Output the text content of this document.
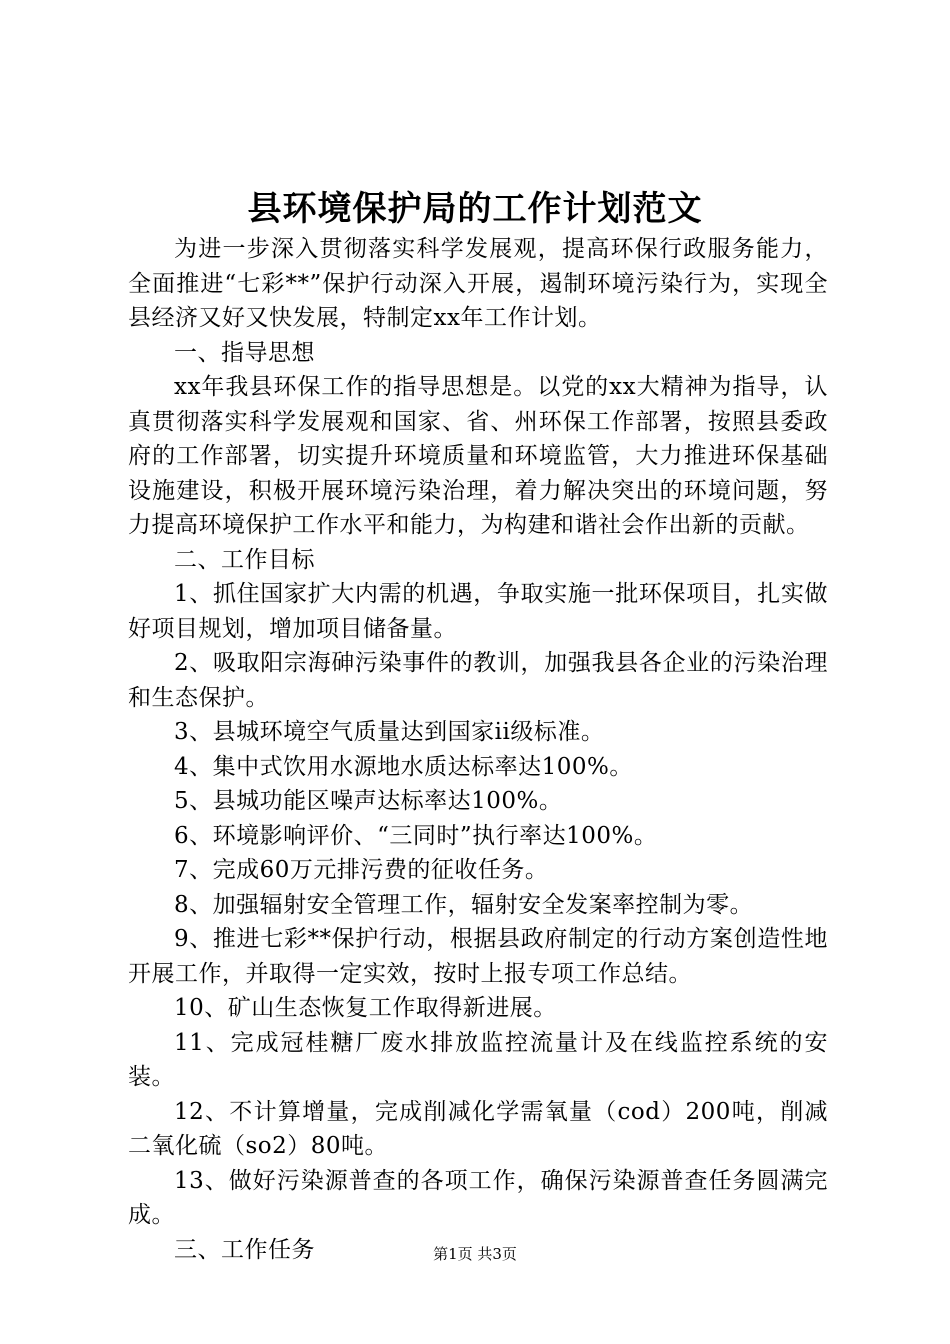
县环境保护局的工作计划范文

为进一步深入贯彻落实科学发展观，提高环保行政服务能力，全面推进“七彩**”保护行动深入开展，遏制环境污染行为，实现全县经济又好又快发展，特制定xx年工作计划。

一、指导思想

xx年我县环保工作的指导思想是。以党的xx大精神为指导，认真贯彻落实科学发展观和国家、省、州环保工作部署，按照县委政府的工作部署，切实提升环境质量和环境监管，大力推进环保基础设施建设，积极开展环境污染治理，着力解决突出的环境问题，努力提高环境保护工作水平和能力，为构建和谐社会作出新的贡献。

二、工作目标

1、抓住国家扩大内需的机遇，争取实施一批环保项目，扎实做好项目规划，增加项目储备量。

2、吸取阳宗海砷污染事件的教训，加强我县各企业的污染治理和生态保护。

3、县城环境空气质量达到国家ii级标准。

4、集中式饮用水源地水质达标率达100%。

5、县城功能区噪声达标率达100%。

6、环境影响评价、“三同时”执行率达100%。

7、完成60万元排污费的征收任务。

8、加强辐射安全管理工作，辐射安全发案率控制为零。

9、推进七彩**保护行动，根据县政府制定的行动方案创造性地开展工作，并取得一定实效，按时上报专项工作总结。

10、矿山生态恢复工作取得新进展。

11、完成冠桂糖厂废水排放监控流量计及在线监控系统的安装。

12、不计算增量，完成削减化学需氧量（cod）200吨，削减二氧化硫（so2）80吨。

13、做好污染源普查的各项工作，确保污染源普查任务圆满完成。

三、工作任务	第1页 共3页
